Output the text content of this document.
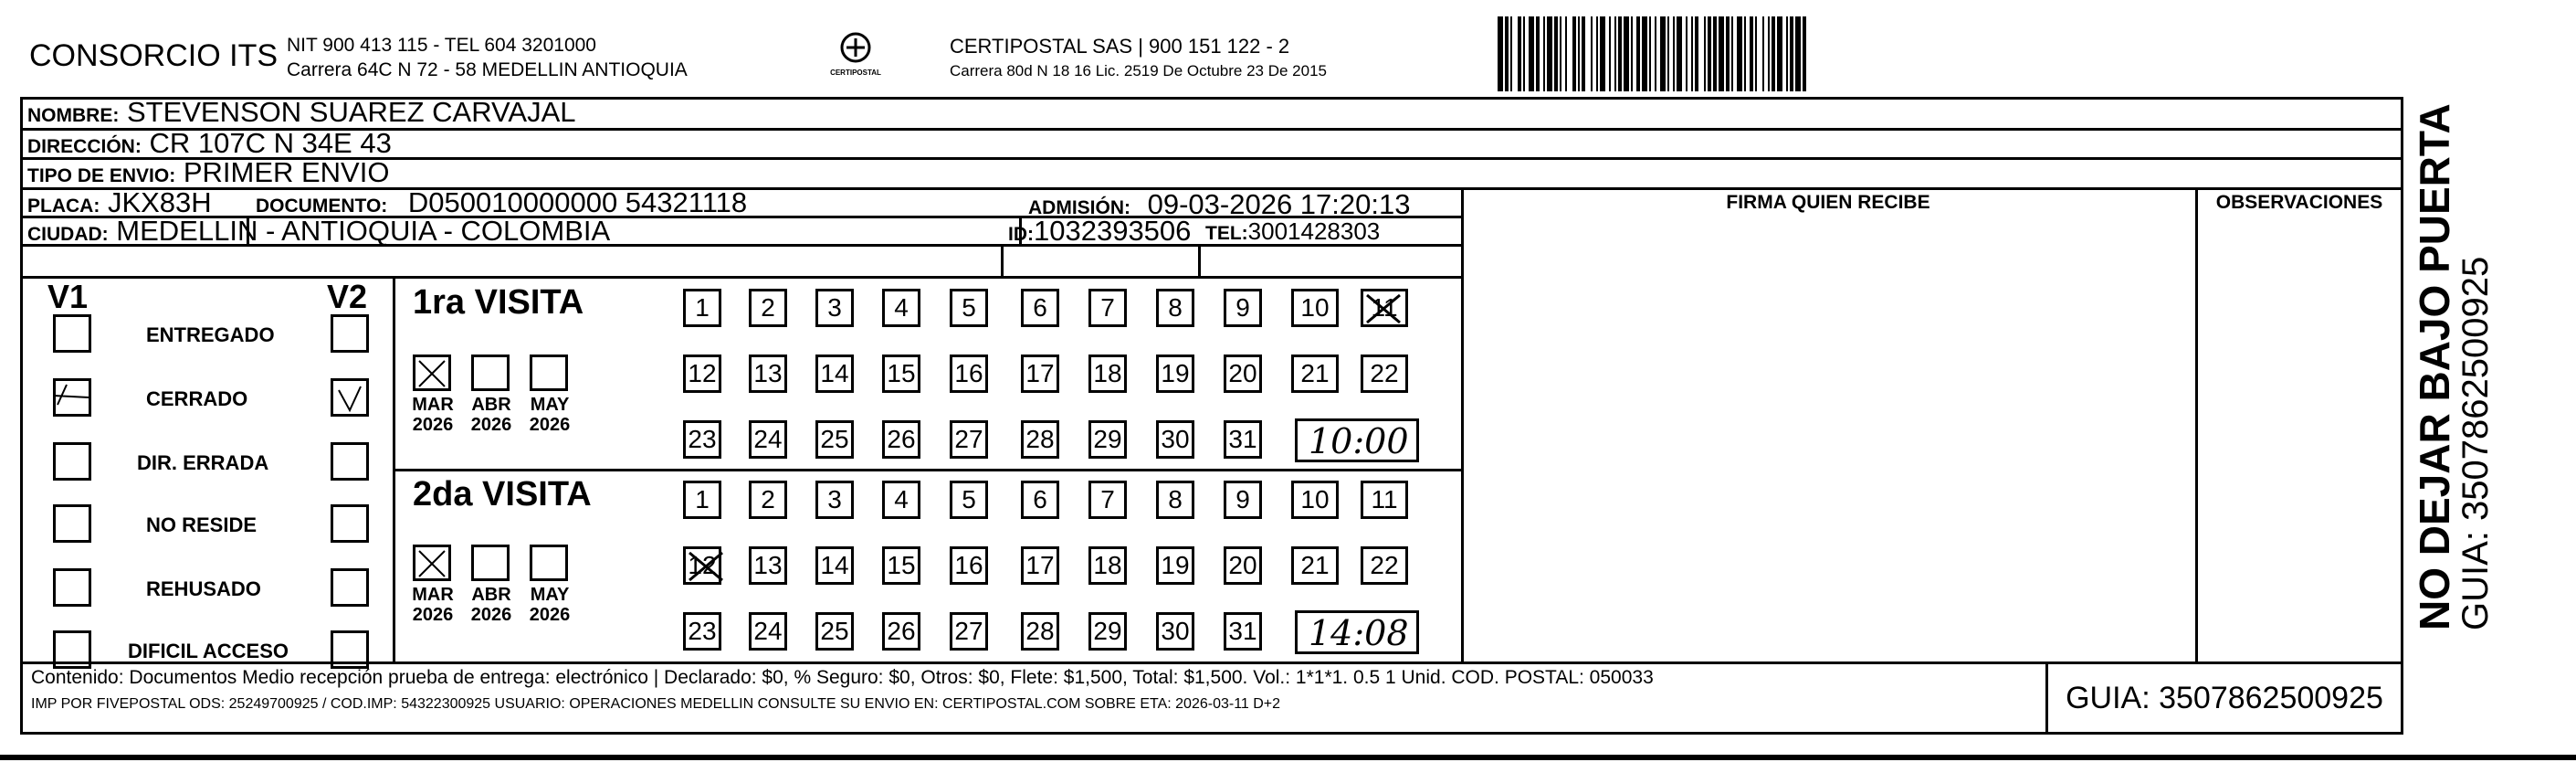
CONSORCIO ITS NIT 900 413 115 - TEL 604 3201000
Carrera 64C N 72 - 58 MEDELLIN ANTIOQUIA	CERTIPOSTAL
CERTIPOSTAL SAS | 900 151 122 - 2
Carrera 80d N 18 16 Lic. 2519 De Octubre 23 De 2015
NOMBRE: STEVENSON SUAREZ CARVAJAL
DIRECCIÓN: CR 107C N 34E 43
TIPO DE ENVIO: PRIMER ENVIO
PLACA: JKX83H DOCUMENTO: D050010000000 54321118	ADMISIÓN: 09-03-2026 17:20:13
CIUDAD: MEDELLIN - ANTIOQUIA - COLOMBIA	ID:1032393506 TEL:3001428303
FIRMA QUIEN RECIBE	OBSERVACIONES
V1	V2
ENTREGADO
CERRADO
DIR. ERRADA
NO RESIDE
REHUSADO
DIFICIL ACCESO
1ra VISITA
2da VISITA
MAR
2026
ABR
2026
MAY
2026
MAR
2026
ABR
2026
MAY
2026
1	2	3	4	5	6	7	8	9	10	11
12 13 14 15 16 17 18 19 20	21	22
23 24 25 26 27 28 29 30 31 10:00
1	2	3	4	5	6	7	8	9	10	11
12 13 14 15 16 17 18 19 20	21	22
23 24 25 26 27 28 29 30 31 14:08
Contenido: Documentos Medio recepción prueba de entrega: electrónico | Declarado: $0, % Seguro: $0, Otros: $0, Flete: $1,500, Total: $1,500. Vol.: 1*1*1. 0.5 1 Unid. COD. POSTAL: 050033
IMP POR FIVEPOSTAL ODS: 25249700925 / COD.IMP: 54322300925 USUARIO: OPERACIONES MEDELLIN CONSULTE SU ENVIO EN: CERTIPOSTAL.COM SOBRE ETA: 2026-03-11 D+2	GUIA: 3507862500925
NO DEJAR BAJO PUERTA
GUIA: 3507862500925
